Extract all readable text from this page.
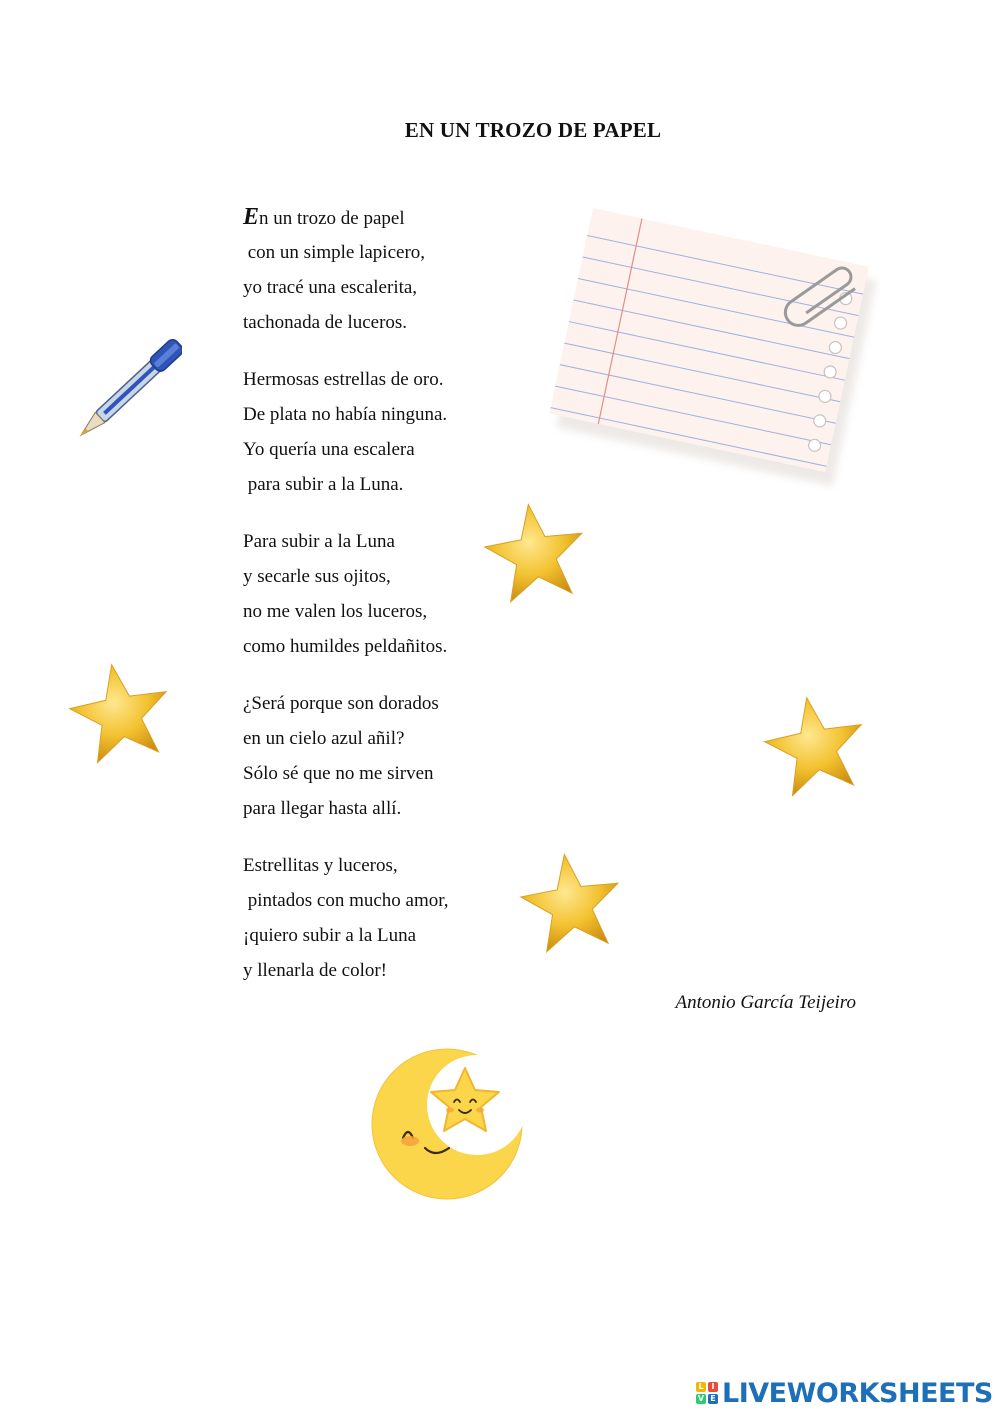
EN UN TROZO DE PAPEL
En un trozo de papel
con un simple lapicero,
yo tracé una escalerita,
tachonada de luceros.
Hermosas estrellas de oro.
De plata no había ninguna.
Yo quería una escalera
para subir a la Luna.
Para subir a la Luna
y secarle sus ojitos,
no me valen los luceros,
como humildes peldañitos.
¿Será porque son dorados
en un cielo azul añil?
Sólo sé que no me sirven
para llegar hasta allí.
Estrellitas y luceros,
pintados con mucho amor,
¡quiero subir a la Luna
y llenarla de color!
Antonio García Teijeiro
L I
V E LIVEWORKSHEETS
